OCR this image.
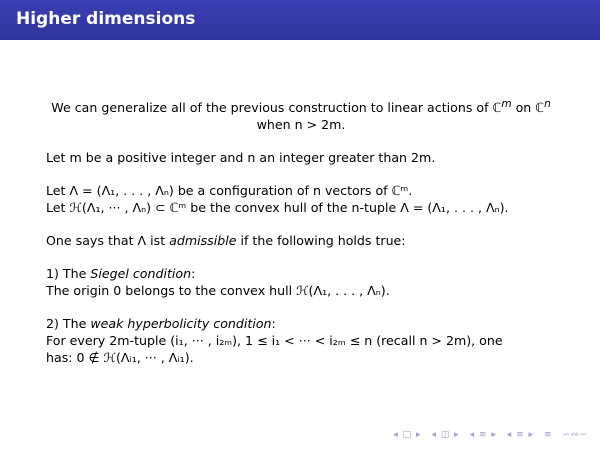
Higher dimensions

We can generalize all of the previous construction to linear actions of ℂ$^m$ on ℂ$^n$
when n > 2m.

Let m be a positive integer and n an integer greater than 2m.

Let Λ = (Λ₁, . . . , Λₙ) be a configuration of n vectors of ℂᵐ.

Let ℋ(Λ₁, ··· , Λₙ) ⊂ ℂᵐ be the convex hull of the n-tuple Λ = (Λ₁, . . . , Λₙ).

One says that Λ ist admissible if the following holds true:

1) The Siegel condition:

The origin 0 belongs to the convex hull ℋ(Λ₁, . . . , Λₙ).

2) The weak hyperbolicity condition:

For every 2m-tuple (i₁, ··· , i₂ₘ), 1 ≤ i₁ < ··· < i₂ₘ ≤ n (recall n > 2m), one

has: 0 ∉ ℋ(Λᵢ₁, ··· , Λᵢ₁).

◂ □ ▸ ◂ ◫ ▸ ◂ ≡ ▸ ◂ ≡ ▸ ≡ ∽∾∽
